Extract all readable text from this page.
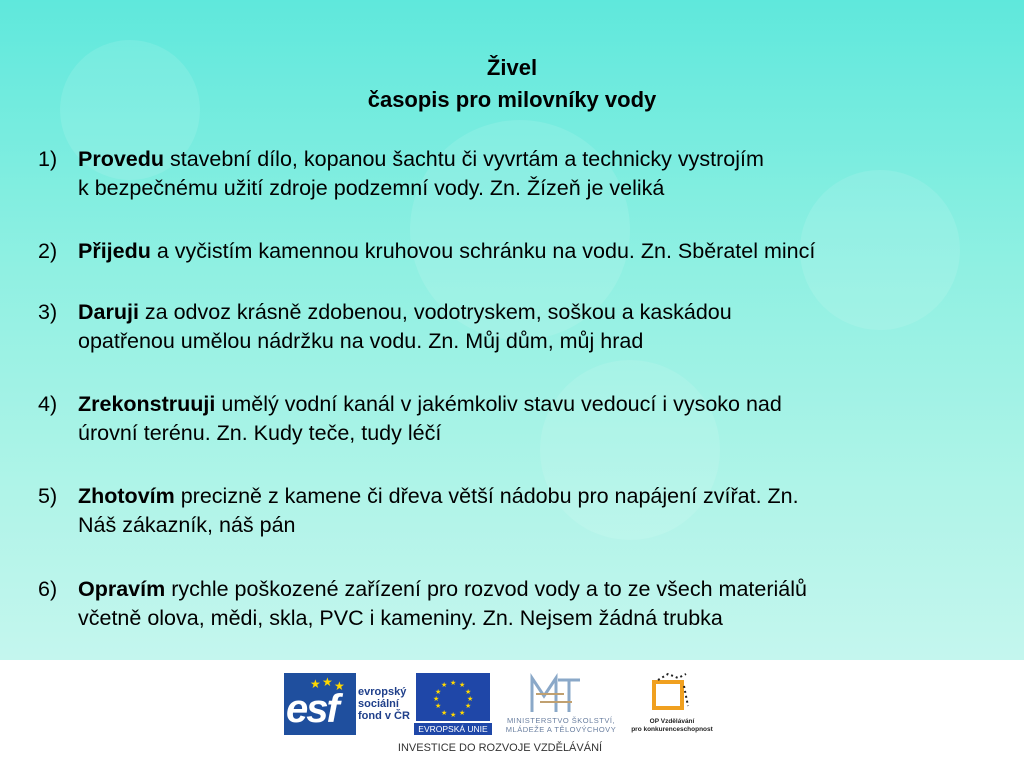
Živel
časopis pro milovníky vody
1) Provedu stavební dílo, kopanou šachtu či vyvrtám a technicky vystrojím
k bezpečnému užití zdroje podzemní vody. Zn. Žízeň je veliká
2) Přijedu a vyčistím kamennou kruhovou schránku na vodu. Zn. Sběratel mincí
3) Daruji za odvoz krásně zdobenou, vodotryskem, soškou a kaskádou
opatřenou umělou nádržku na vodu. Zn. Můj dům, můj hrad
4) Zrekonstruuji umělý vodní kanál v jakémkoliv stavu vedoucí i vysoko nad
úrovní terénu. Zn. Kudy teče, tudy léčí
5) Zhotovím precizně z kamene či dřeva větší nádobu pro napájení zvířat. Zn.
Náš zákazník, náš pán
6) Opravím rychle poškozené zařízení pro rozvod vody a to ze všech materiálů
včetně olova, mědi, skla, PVC i kameniny. Zn. Nejsem žádná trubka
★ ★ ★
esf evropský
sociální
fond v ČR
★ ★
★
★
★
★
★
★
★
★
★
★
EVROPSKÁ UNIE
MINISTERSTVO ŠKOLSTVÍ,
MLÁDEŽE A TĚLOVÝCHOVY
OP Vzdělávání
pro konkurenceschopnost
INVESTICE DO ROZVOJE VZDĚLÁVÁNÍ
